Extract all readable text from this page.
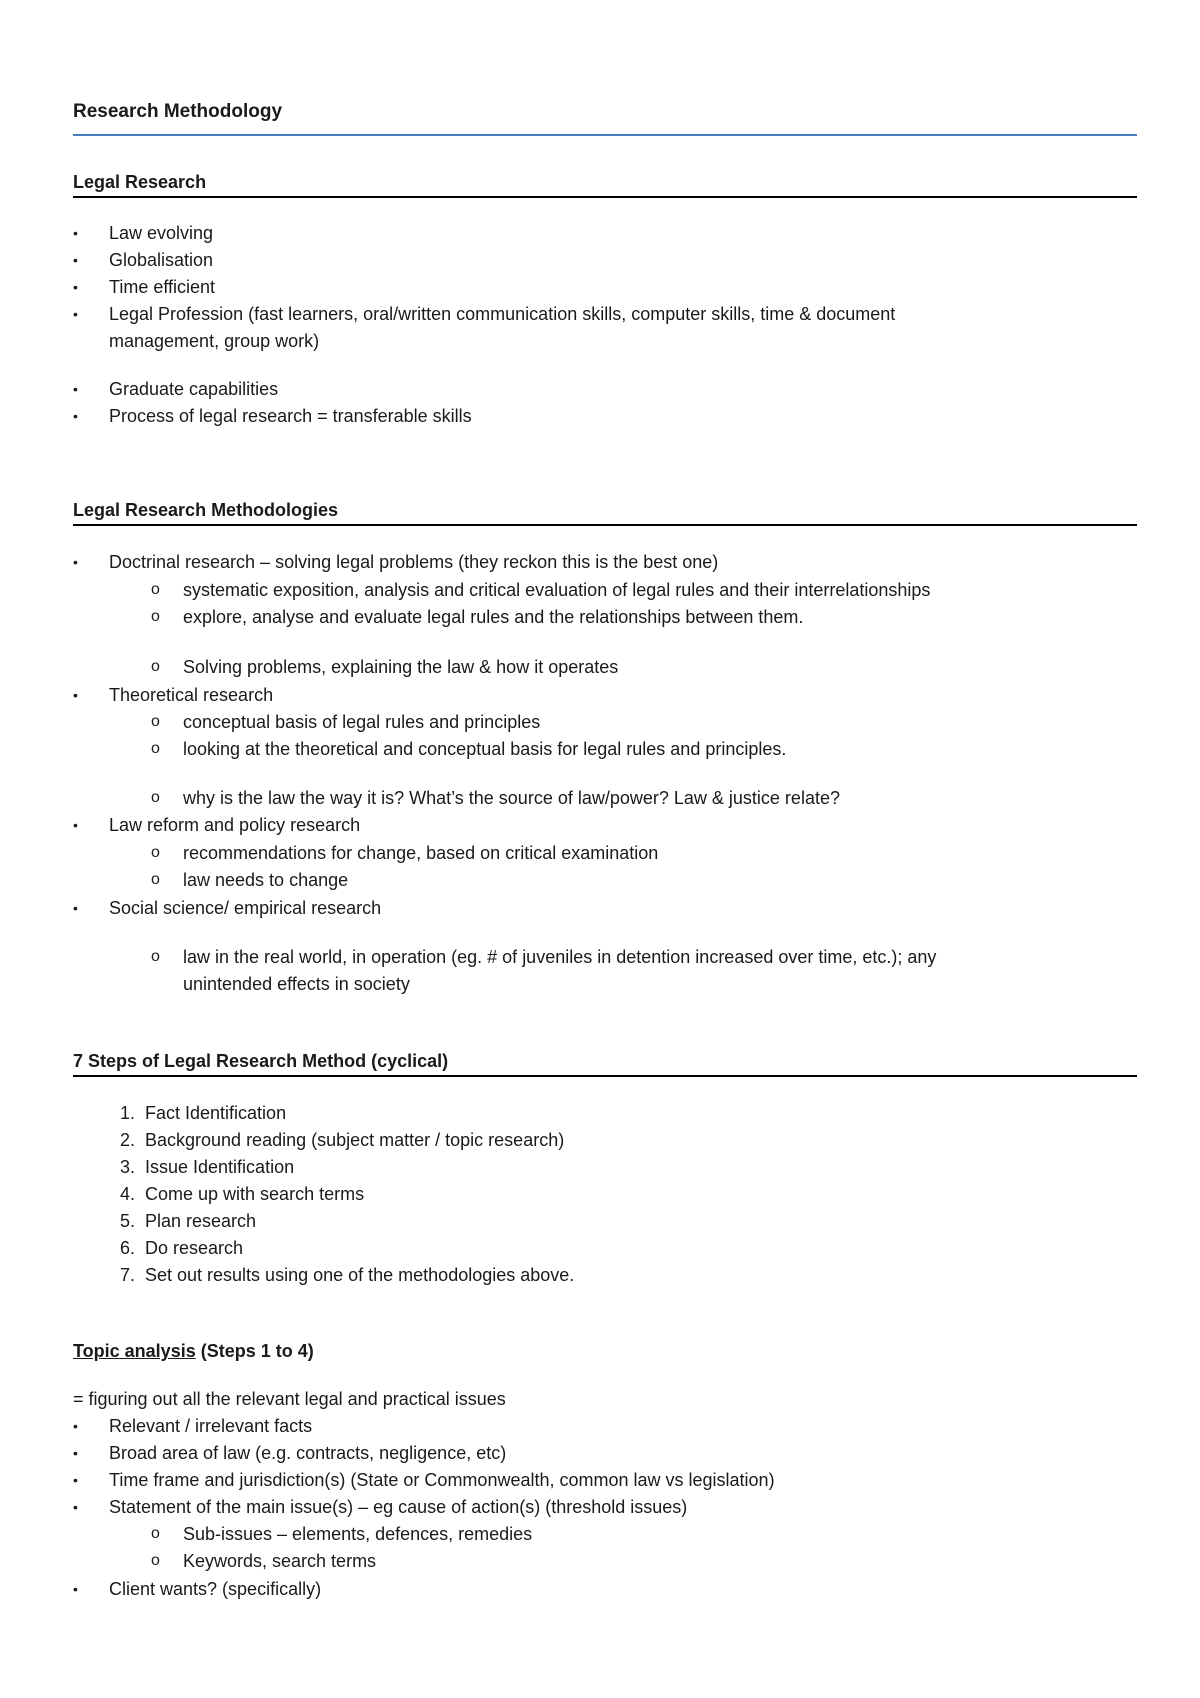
Research Methodology
Legal Research
• Law evolving
• Globalisation
• Time efficient
• Legal Profession (fast learners, oral/written communication skills, computer skills, time & document
management, group work)
• Graduate capabilities
• Process of legal research = transferable skills
Legal Research Methodologies
• Doctrinal research – solving legal problems (they reckon this is the best one)
o systematic exposition, analysis and critical evaluation of legal rules and their interrelationships
o explore, analyse and evaluate legal rules and the relationships between them.
o Solving problems, explaining the law & how it operates
• Theoretical research
o conceptual basis of legal rules and principles
o looking at the theoretical and conceptual basis for legal rules and principles.
o why is the law the way it is? What’s the source of law/power? Law & justice relate?
• Law reform and policy research
o recommendations for change, based on critical examination
o law needs to change
• Social science/ empirical research
o law in the real world, in operation (eg. # of juveniles in detention increased over time, etc.); any
unintended effects in society
7 Steps of Legal Research Method (cyclical)
1. Fact Identification
2. Background reading (subject matter / topic research)
3. Issue Identification
4. Come up with search terms
5. Plan research
6. Do research
7. Set out results using one of the methodologies above.
Topic analysis (Steps 1 to 4)
= figuring out all the relevant legal and practical issues
• Relevant / irrelevant facts
• Broad area of law (e.g. contracts, negligence, etc)
• Time frame and jurisdiction(s) (State or Commonwealth, common law vs legislation)
• Statement of the main issue(s) – eg cause of action(s) (threshold issues)
o Sub-issues – elements, defences, remedies
o Keywords, search terms
• Client wants? (specifically)
